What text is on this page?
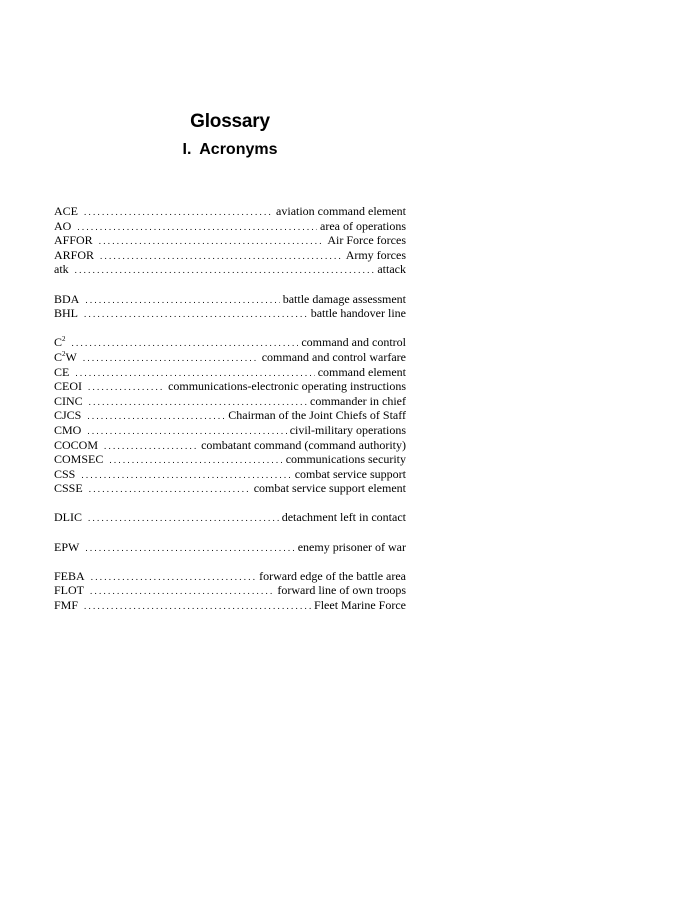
Glossary
I. Acronyms
ACE . . .	aviation command element
AO . . .	area of operations
AFFOR . . .	Air Force forces
ARFOR . . .	Army forces
atk . . .	attack
BDA . . .	battle damage assessment
BHL . . .	battle handover line
$C^2$ . . .	command and control
$C^2W$ . . .	command and control warfare
CE . . .	command element
CEOI . . .	communications-electronic operating instructions
CINC . . .	commander in chief
CJCS . . .	Chairman of the Joint Chiefs of Staff
CMO . . .	civil-military operations
COCOM . . .	combatant command (command authority)
COMSEC . . .	communications security
CSS . . .	combat service support
CSSE . . .	combat service support element
DLIC . . .	detachment left in contact
EPW . . .	enemy prisoner of war
FEBA . . .	forward edge of the battle area
FLOT . . .	forward line of own troops
FMF . . .	Fleet Marine Force
